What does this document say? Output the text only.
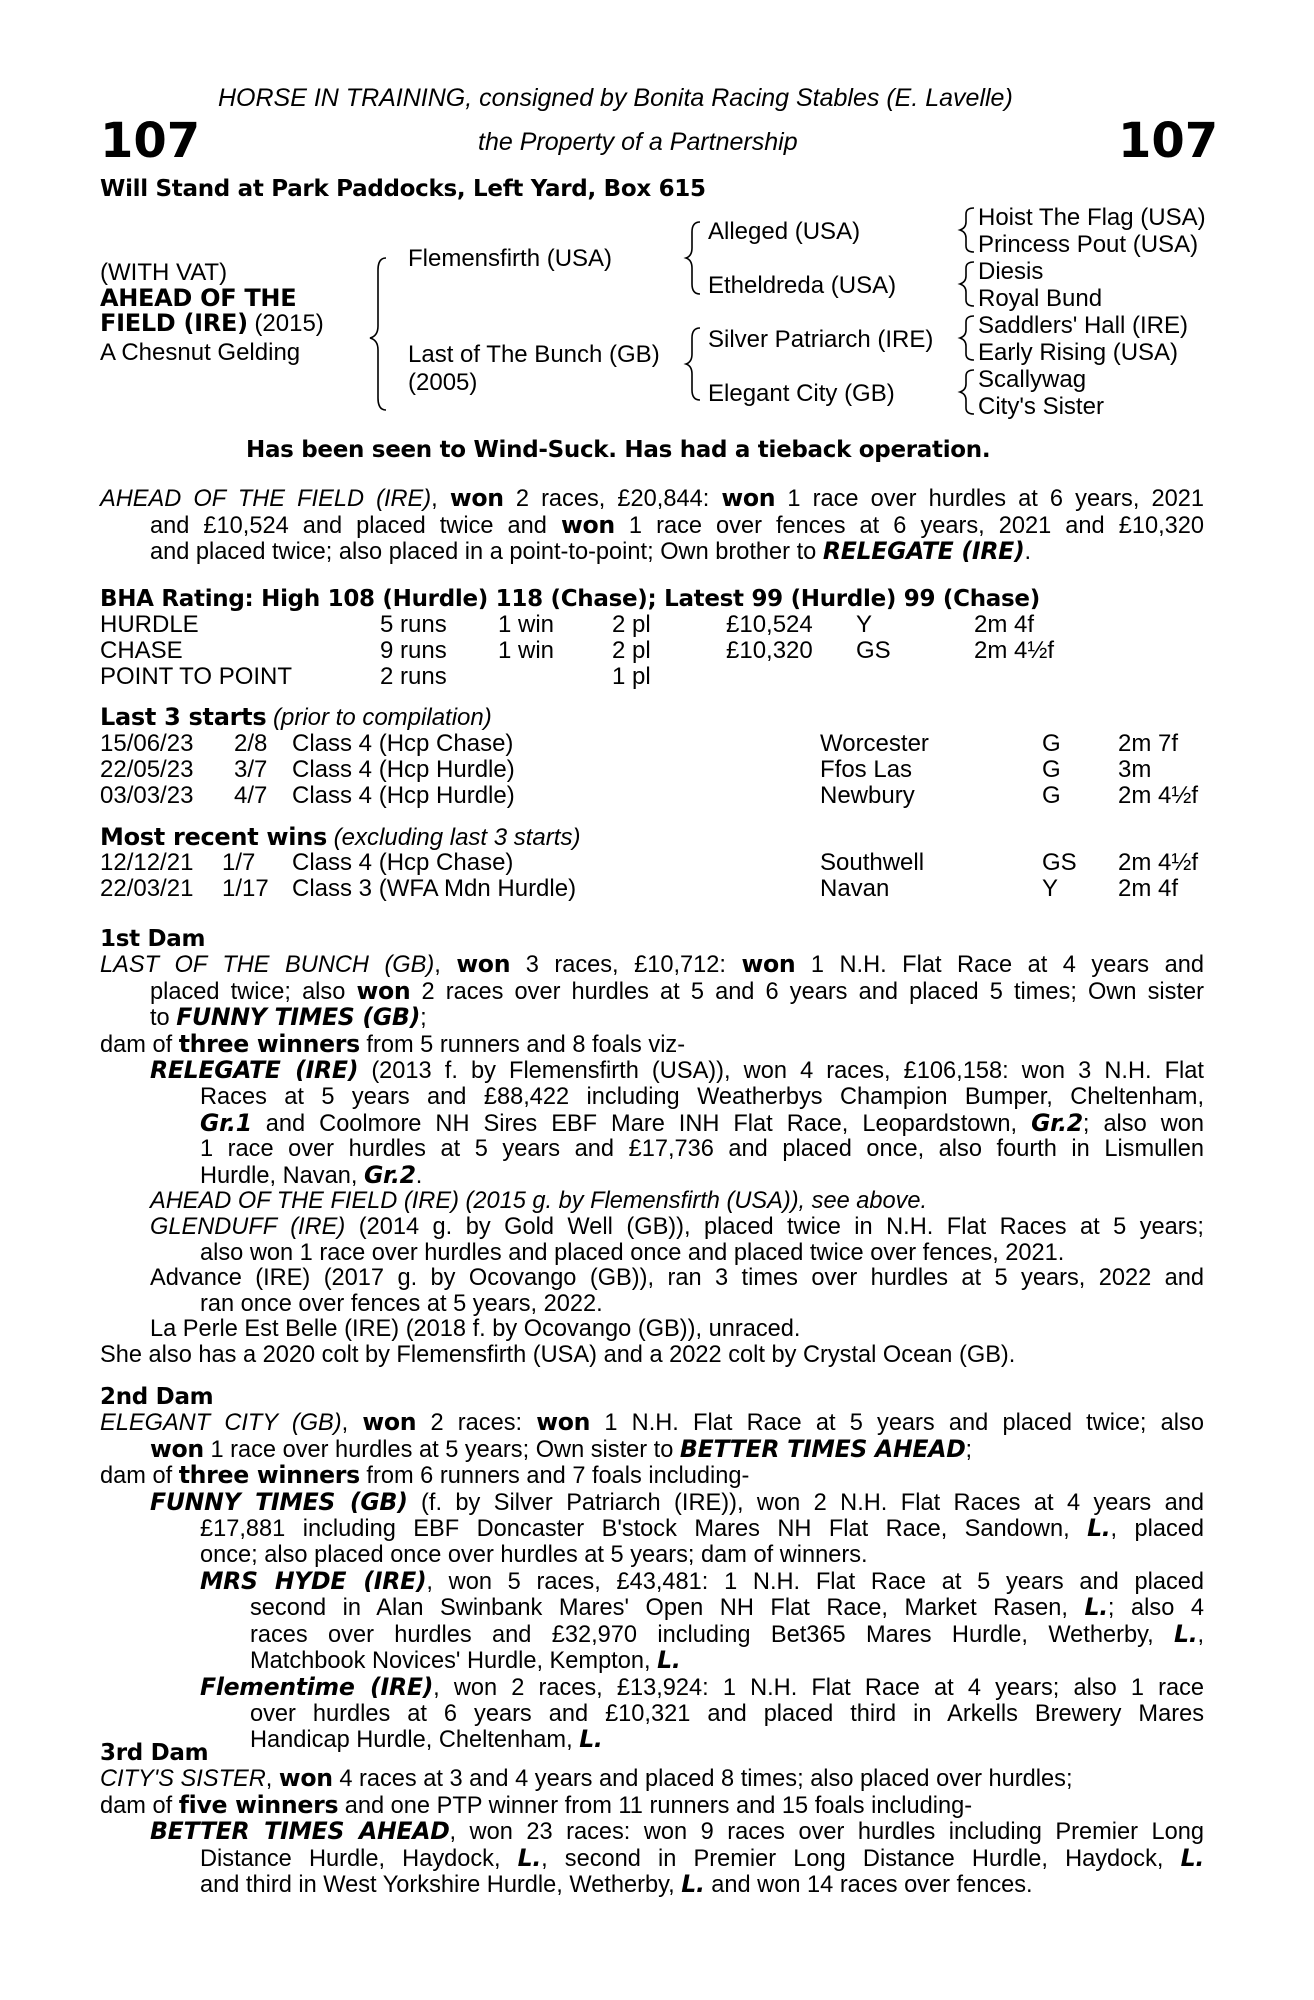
HORSE IN TRAINING, consigned by Bonita Racing Stables (E. Lavelle)
107	the Property of a Partnership	107
Will Stand at Park Paddocks, Left Yard, Box 615
(WITH VAT)
AHEAD OF THE
FIELD (IRE) (2015)
A Chesnut Gelding
Flemensfirth (USA)
Last of The Bunch (GB)
(2005)
Alleged (USA)
Etheldreda (USA)
Silver Patriarch (IRE)
Elegant City (GB)
Hoist The Flag (USA)
Princess Pout (USA)
Diesis
Royal Bund
Saddlers' Hall (IRE)
Early Rising (USA)
Scallywag
City's Sister
Has been seen to Wind-Suck. Has had a tieback operation.
AHEAD OF THE FIELD (IRE), won 2 races, £20,844: won 1 race over hurdles at 6 years, 2021
and £10,524 and placed twice and won 1 race over fences at 6 years, 2021 and £10,320
and placed twice; also placed in a point-to-point; Own brother to RELEGATE (IRE).
BHA Rating: High 108 (Hurdle) 118 (Chase); Latest 99 (Hurdle) 99 (Chase)
HURDLE	5 runs 1 win 2 pl	£10,524 Y	2m 4f
CHASE	9 runs 1 win 2 pl	£10,320 GS	2m 4½f
POINT TO POINT	2 runs	1 pl
Last 3 starts (prior to compilation)
15/06/23 2/8 Class 4 (Hcp Chase)	Worcester	G 2m 7f
22/05/23 3/7 Class 4 (Hcp Hurdle)	Ffos Las	G 3m
03/03/23 4/7 Class 4 (Hcp Hurdle)	Newbury	G 2m 4½f
Most recent wins (excluding last 3 starts)
12/12/21 1/7 Class 4 (Hcp Chase)	Southwell	GS 2m 4½f
22/03/21 1/17 Class 3 (WFA Mdn Hurdle)	Navan	Y 2m 4f
1st Dam
LAST OF THE BUNCH (GB), won 3 races, £10,712: won 1 N.H. Flat Race at 4 years and
placed twice; also won 2 races over hurdles at 5 and 6 years and placed 5 times; Own sister
to FUNNY TIMES (GB);
dam of three winners from 5 runners and 8 foals viz-
RELEGATE (IRE) (2013 f. by Flemensfirth (USA)), won 4 races, £106,158: won 3 N.H. Flat
Races at 5 years and £88,422 including Weatherbys Champion Bumper, Cheltenham,
Gr.1 and Coolmore NH Sires EBF Mare INH Flat Race, Leopardstown, Gr.2; also won
1 race over hurdles at 5 years and £17,736 and placed once, also fourth in Lismullen
Hurdle, Navan, Gr.2.
AHEAD OF THE FIELD (IRE) (2015 g. by Flemensfirth (USA)), see above.
GLENDUFF (IRE) (2014 g. by Gold Well (GB)), placed twice in N.H. Flat Races at 5 years;
also won 1 race over hurdles and placed once and placed twice over fences, 2021.
Advance (IRE) (2017 g. by Ocovango (GB)), ran 3 times over hurdles at 5 years, 2022 and
ran once over fences at 5 years, 2022.
La Perle Est Belle (IRE) (2018 f. by Ocovango (GB)), unraced.
She also has a 2020 colt by Flemensfirth (USA) and a 2022 colt by Crystal Ocean (GB).
2nd Dam
ELEGANT CITY (GB), won 2 races: won 1 N.H. Flat Race at 5 years and placed twice; also
won 1 race over hurdles at 5 years; Own sister to BETTER TIMES AHEAD;
dam of three winners from 6 runners and 7 foals including-
FUNNY TIMES (GB) (f. by Silver Patriarch (IRE)), won 2 N.H. Flat Races at 4 years and
£17,881 including EBF Doncaster B'stock Mares NH Flat Race, Sandown, L., placed
once; also placed once over hurdles at 5 years; dam of winners.
MRS HYDE (IRE), won 5 races, £43,481: 1 N.H. Flat Race at 5 years and placed
second in Alan Swinbank Mares' Open NH Flat Race, Market Rasen, L.; also 4
races over hurdles and £32,970 including Bet365 Mares Hurdle, Wetherby, L.,
Matchbook Novices' Hurdle, Kempton, L.
Flementime (IRE), won 2 races, £13,924: 1 N.H. Flat Race at 4 years; also 1 race
over hurdles at 6 years and £10,321 and placed third in Arkells Brewery Mares
Handicap Hurdle, Cheltenham, L.
3rd Dam
CITY'S SISTER, won 4 races at 3 and 4 years and placed 8 times; also placed over hurdles;
dam of five winners and one PTP winner from 11 runners and 15 foals including-
BETTER TIMES AHEAD, won 23 races: won 9 races over hurdles including Premier Long
Distance Hurdle, Haydock, L., second in Premier Long Distance Hurdle, Haydock, L.
and third in West Yorkshire Hurdle, Wetherby, L. and won 14 races over fences.
